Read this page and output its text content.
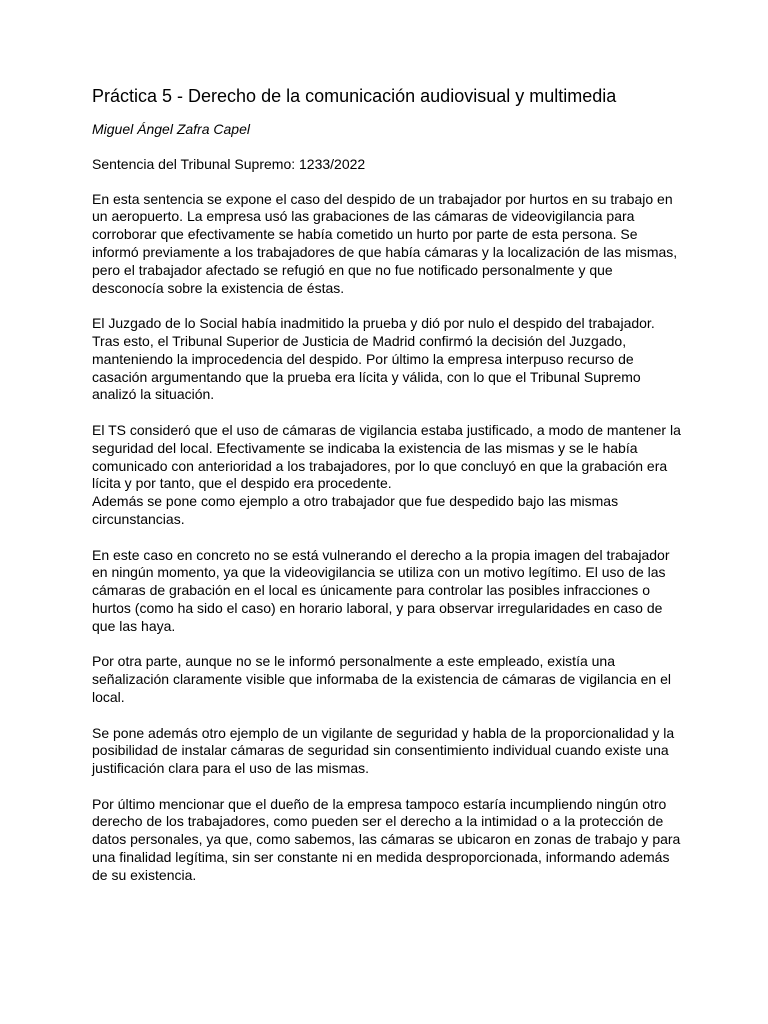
Práctica 5 - Derecho de la comunicación audiovisual y multimedia

Miguel Ángel Zafra Capel

Sentencia del Tribunal Supremo: 1233/2022

En esta sentencia se expone el caso del despido de un trabajador por hurtos en su trabajo en un aeropuerto. La empresa usó las grabaciones de las cámaras de videovigilancia para corroborar que efectivamente se había cometido un hurto por parte de esta persona. Se informó previamente a los trabajadores de que había cámaras y la localización de las mismas, pero el trabajador afectado se refugió en que no fue notificado personalmente y que desconocía sobre la existencia de éstas.

El Juzgado de lo Social había inadmitido la prueba y dió por nulo el despido del trabajador. Tras esto, el Tribunal Superior de Justicia de Madrid confirmó la decisión del Juzgado, manteniendo la improcedencia del despido. Por último la empresa interpuso recurso de casación argumentando que la prueba era lícita y válida, con lo que el Tribunal Supremo analizó la situación.

El TS consideró que el uso de cámaras de vigilancia estaba justificado, a modo de mantener la seguridad del local. Efectivamente se indicaba la existencia de las mismas y se le había comunicado con anterioridad a los trabajadores, por lo que concluyó en que la grabación era lícita y por tanto, que el despido era procedente.
Además se pone como ejemplo a otro trabajador que fue despedido bajo las mismas circunstancias.

En este caso en concreto no se está vulnerando el derecho a la propia imagen del trabajador en ningún momento, ya que la videovigilancia se utiliza con un motivo legítimo. El uso de las cámaras de grabación en el local es únicamente para controlar las posibles infracciones o hurtos (como ha sido el caso) en horario laboral, y para observar irregularidades en caso de que las haya.

Por otra parte, aunque no se le informó personalmente a este empleado, existía una señalización claramente visible que informaba de la existencia de cámaras de vigilancia en el local.

Se pone además otro ejemplo de un vigilante de seguridad y habla de la proporcionalidad y la posibilidad de instalar cámaras de seguridad sin consentimiento individual cuando existe una justificación clara para el uso de las mismas.

Por último mencionar que el dueño de la empresa tampoco estaría incumpliendo ningún otro derecho de los trabajadores, como pueden ser el derecho a la intimidad o a la protección de datos personales, ya que, como sabemos, las cámaras se ubicaron en zonas de trabajo y para una finalidad legítima, sin ser constante ni en medida desproporcionada, informando además de su existencia.
